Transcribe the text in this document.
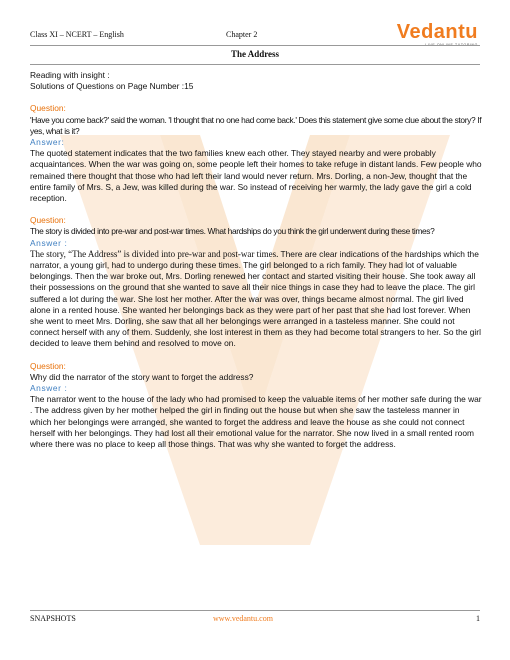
Class XI – NCERT – English	Chapter 2	Vedantu
The Address

Reading with insight :

Solutions of Questions on Page Number :15

Question:

'Have you come back?' said the woman. 'I thought that no one had come back.' Does this statement give some clue about the story? If yes, what is it?

Answer:

The quoted statement indicates that the two families knew each other. They stayed nearby and were probably acquaintances. When the war was going on, some people left their homes to take refuge in distant lands. Few people who remained there thought that those who had left their land would never return. Mrs. Dorling, a non-Jew, thought that the entire family of Mrs. S, a Jew, was killed during the war. So instead of receiving her warmly, the lady gave the girl a cold reception.

Question:

The story is divided into pre-war and post-war times. What hardships do you think the girl underwent during these times?

Answer :

The story, “The Address” is divided into pre-war and post-war times. There are clear indications of the hardships which the narrator, a young girl, had to undergo during these times. The girl belonged to a rich family. They had lot of valuable belongings. Then the war broke out, Mrs. Dorling renewed her contact and started visiting their house. She took away all their possessions on the ground that she wanted to save all their nice things in case they had to leave the place. The girl suffered a lot during the war. She lost her mother. After the war was over, things became almost normal. The girl lived alone in a rented house. She wanted her belongings back as they were part of her past that she had lost forever. When she went to meet Mrs. Dorling, she saw that all her belongings were arranged in a tasteless manner. She could not connect herself with any of them. Suddenly, she lost interest in them as they had become total strangers to her. So the girl decided to leave them behind and resolved to move on.

Question:

Why did the narrator of the story want to forget the address?

Answer :

The narrator went to the house of the lady who had promised to keep the valuable items of her mother safe during the war . The address given by her mother helped the girl in finding out the house but when she saw the tasteless manner in which her belongings were arranged, she wanted to forget the address and leave the house as she could not connect herself with her belongings. They had lost all their emotional value for the narrator. She now lived in a small rented room where there was no place to keep all those things. That was why she wanted to forget the address.

SNAPSHOTS	www.vedantu.com	1
